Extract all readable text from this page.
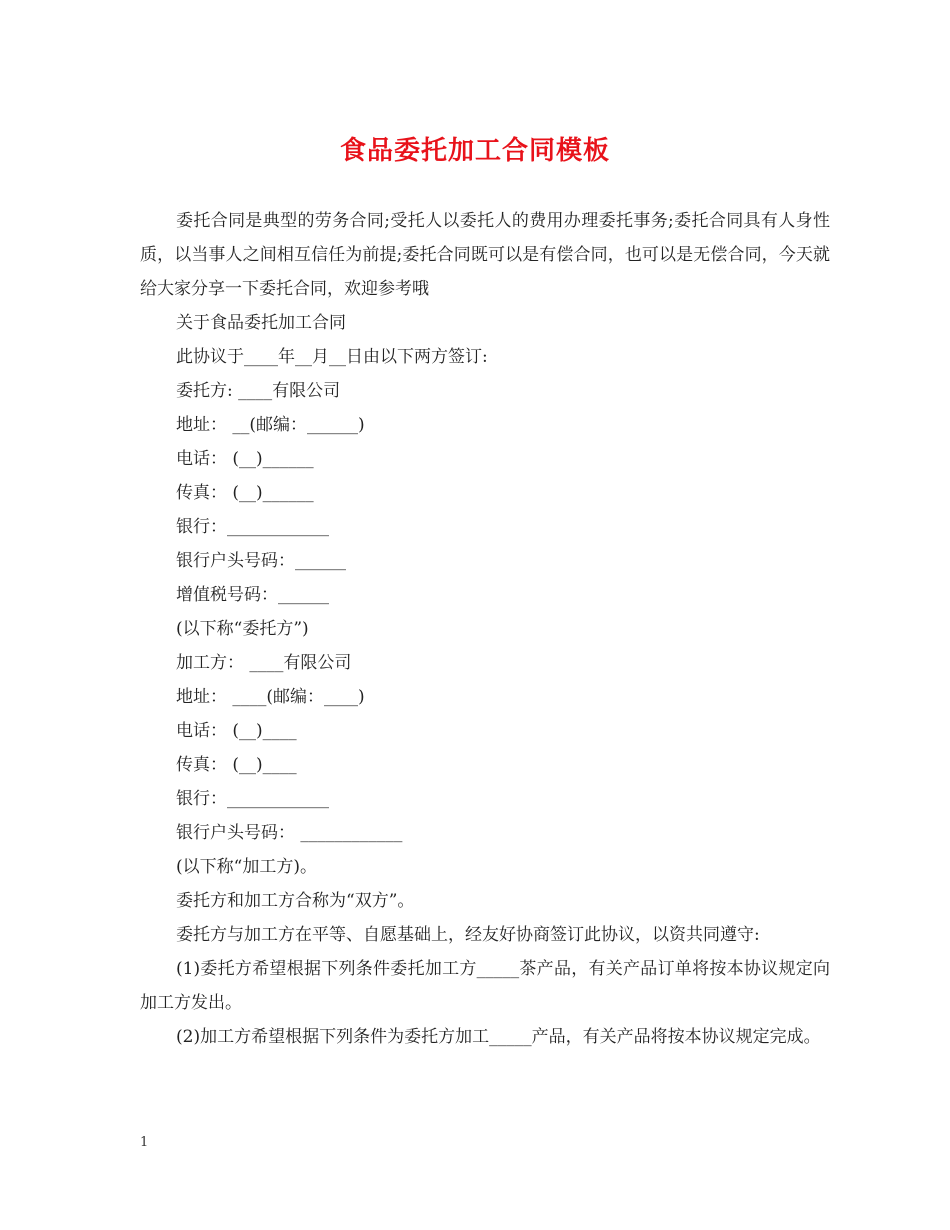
食品委托加工合同模板

委托合同是典型的劳务合同;受托人以委托人的费用办理委托事务;委托合同具有人身性质，以当事人之间相互信任为前提;委托合同既可以是有偿合同，也可以是无偿合同，今天就给大家分享一下委托合同，欢迎参考哦

关于食品委托加工合同

此协议于____年__月__日由以下两方签订:

委托方: ____有限公司

地址： __(邮编：______)

电话： (__)______

传真： (__)______

银行：____________

银行户头号码：______

增值税号码：______

(以下称“委托方”)

加工方： ____有限公司

地址： ____(邮编：____)

电话： (__)____

传真： (__)____

银行：____________

银行户头号码： ____________

(以下称“加工方)。

委托方和加工方合称为“双方”。

委托方与加工方在平等、自愿基础上，经友好协商签订此协议，以资共同遵守:

(1)委托方希望根据下列条件委托加工方_____茶产品，有关产品订单将按本协议规定向加工方发出。

(2)加工方希望根据下列条件为委托方加工_____产品，有关产品将按本协议规定完成。

1
